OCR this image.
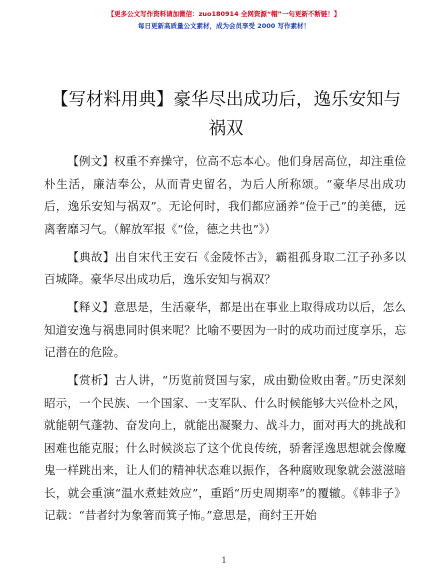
【更多公文写作资料请加微信：zuo180914 全网资源“帽”一句更新不断链！】
每日更新高质量公文素材，成为会员享受 2000 写作素材！
【写材料用典】豪华尽出成功后，逸乐安知与祸双

【例文】权重不弃操守，位高不忘本心。他们身居高位，却注重俭朴生活，廉洁奉公，从而青史留名，为后人所称颂。“豪华尽出成功后，逸乐安知与祸双”。无论何时，我们都应涵养“俭于己”的美德，远离奢靡习气。（解放军报《“俭，德之共也”》）

【典故】出自宋代王安石《金陵怀古》，霸祖孤身取二江子孙多以百城降。豪华尽出成功后，逸乐安知与祸双？

【释义】意思是，生活豪华，都是出在事业上取得成功以后，怎么知道安逸与祸患同时俱来呢？比喻不要因为一时的成功而过度享乐，忘记潜在的危险。

【赏析】古人讲，“历览前贤国与家，成由勤俭败由奢。”历史深刻昭示，一个民族、一个国家、一支军队、什么时候能够大兴俭朴之风，就能朝气蓬勃、奋发向上，就能出凝聚力、战斗力，面对再大的挑战和困难也能克服；什么时候淡忘了这个优良传统，骄奢淫逸思想就会像魔鬼一样跳出来，让人们的精神状态难以振作，各种腐败现象就会滋滋暗长，就会重演“温水煮蛙效应”，重蹈“历史周期率”的覆辙。《韩非子》记载：“昔者纣为象箸而箕子怖。”意思是，商纣王开始

1
